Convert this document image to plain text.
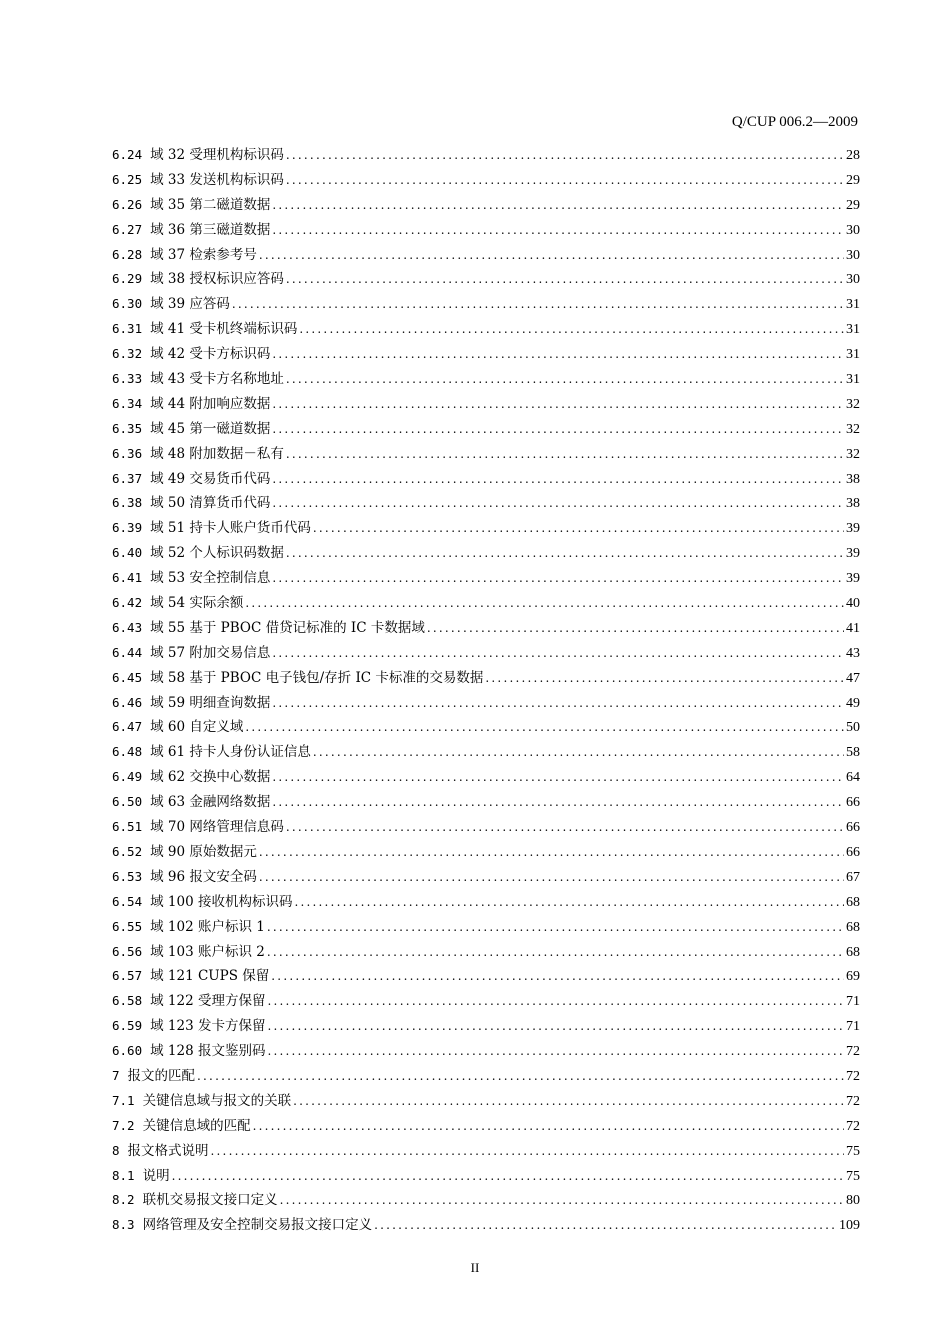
Q/CUP 006.2—2009
6.24 域 32 受理机构标识码 .....	28
6.25 域 33 发送机构标识码 .....	29
6.26 域 35 第二磁道数据 .....	29
6.27 域 36 第三磁道数据 .....	30
6.28 域 37 检索参考号 .....	30
6.29 域 38 授权标识应答码 .....	30
6.30 域 39 应答码 .....	31
6.31 域 41 受卡机终端标识码 .....	31
6.32 域 42 受卡方标识码 .....	31
6.33 域 43 受卡方名称地址 .....	31
6.34 域 44 附加响应数据 .....	32
6.35 域 45 第一磁道数据 .....	32
6.36 域 48 附加数据－私有 .....	32
6.37 域 49 交易货币代码 .....	38
6.38 域 50 清算货币代码 .....	38
6.39 域 51 持卡人账户货币代码 .....	39
6.40 域 52 个人标识码数据 .....	39
6.41 域 53 安全控制信息 .....	39
6.42 域 54 实际余额 .....	40
6.43 域 55 基于 PBOC 借贷记标准的 IC 卡数据域 .....	41
6.44 域 57 附加交易信息 .....	43
6.45 域 58 基于 PBOC 电子钱包/存折 IC 卡标准的交易数据 .....	47
6.46 域 59 明细查询数据 .....	49
6.47 域 60 自定义域 .....	50
6.48 域 61 持卡人身份认证信息 .....	58
6.49 域 62 交换中心数据 .....	64
6.50 域 63 金融网络数据 .....	66
6.51 域 70 网络管理信息码 .....	66
6.52 域 90 原始数据元 .....	66
6.53 域 96 报文安全码 .....	67
6.54 域 100 接收机构标识码 .....	68
6.55 域 102 账户标识 1 .....	68
6.56 域 103 账户标识 2 .....	68
6.57 域 121 CUPS 保留 .....	69
6.58 域 122 受理方保留 .....	71
6.59 域 123 发卡方保留 .....	71
6.60 域 128 报文鉴别码 .....	72
7 报文的匹配 .....	72
7.1 关键信息域与报文的关联 .....	72
7.2 关键信息域的匹配 .....	72
8 报文格式说明 .....	75
8.1 说明 .....	75
8.2 联机交易报文接口定义 .....	80
8.3 网络管理及安全控制交易报文接口定义 .....	109
II
